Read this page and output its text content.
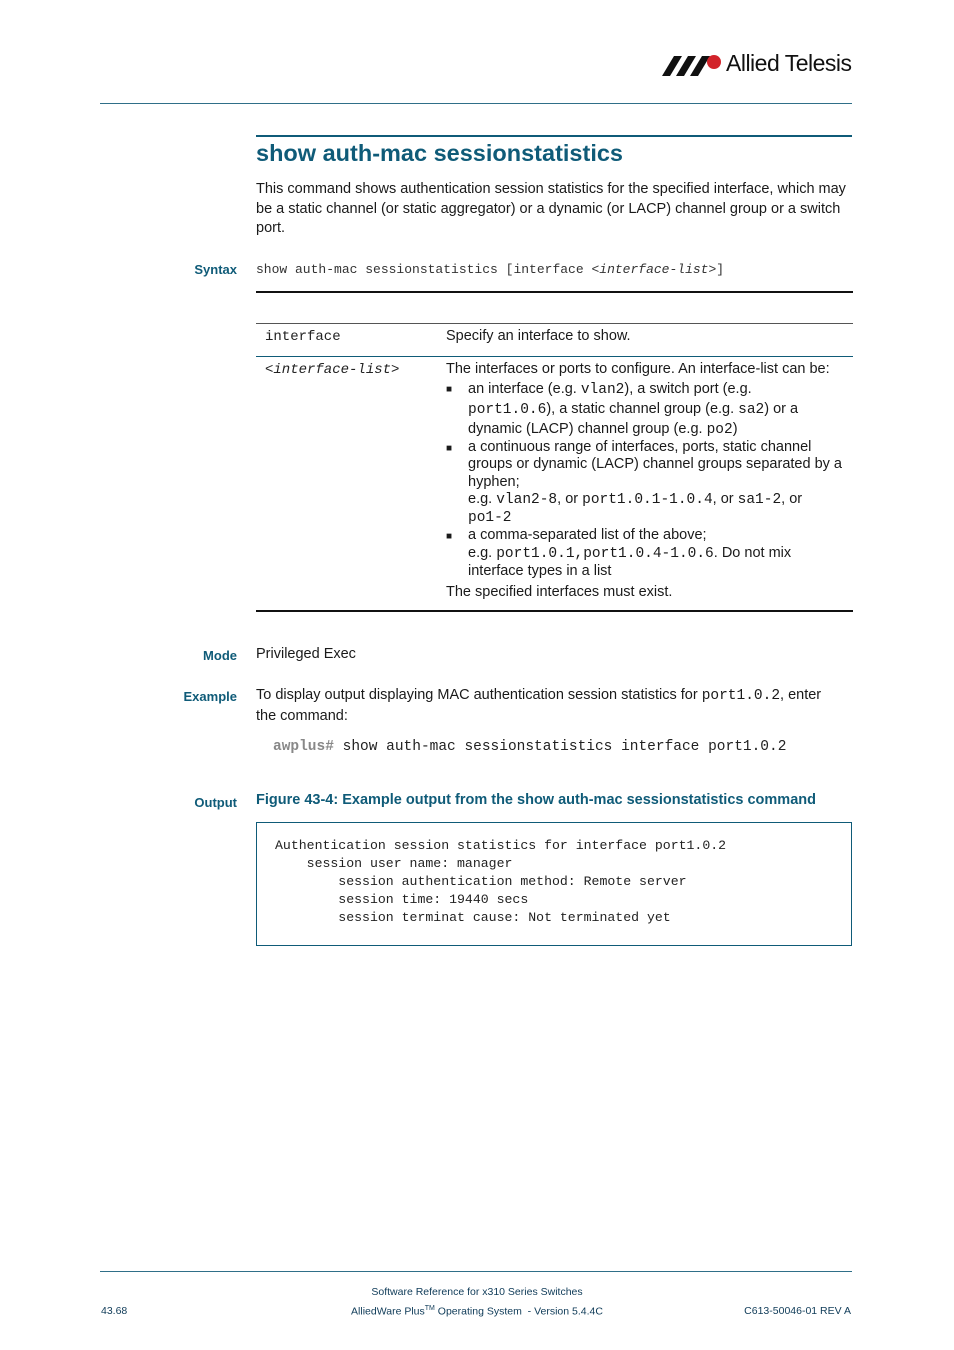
Allied Telesis
show auth-mac sessionstatistics
This command shows authentication session statistics for the specified interface, which may be a static channel (or static aggregator) or a dynamic (or LACP) channel group or a switch port.
Syntax show auth-mac sessionstatistics [interface <interface-list>]
interface	Specify an interface to show.
<interface-list>	The interfaces or ports to configure. An interface-list can be:
■	an interface (e.g. vlan2), a switch port (e.g.
port1.0.6), a static channel group (e.g. sa2) or a
dynamic (LACP) channel group (e.g. po2)
■	a continuous range of interfaces, ports, static channel
groups or dynamic (LACP) channel groups separated by a
hyphen;
e.g. vlan2-8, or port1.0.1-1.0.4, or sa1-2, or
po1-2
■	a comma-separated list of the above;
e.g. port1.0.1,port1.0.4-1.0.6. Do not mix
interface types in a list
The specified interfaces must exist.
Mode Privileged Exec
Example To display output displaying MAC authentication session statistics for port1.0.2, enter
the command:
awplus# show auth-mac sessionstatistics interface port1.0.2
Output Figure 43-4: Example output from the show auth-mac sessionstatistics command
Authentication session statistics for interface port1.0.2
session user name: manager
session authentication method: Remote server
session time: 19440 secs
session terminat cause: Not terminated yet
Software Reference for x310 Series Switches
43.68	AlliedWare Plus™ Operating System  - Version 5.4.4C	C613-50046-01 REV A
